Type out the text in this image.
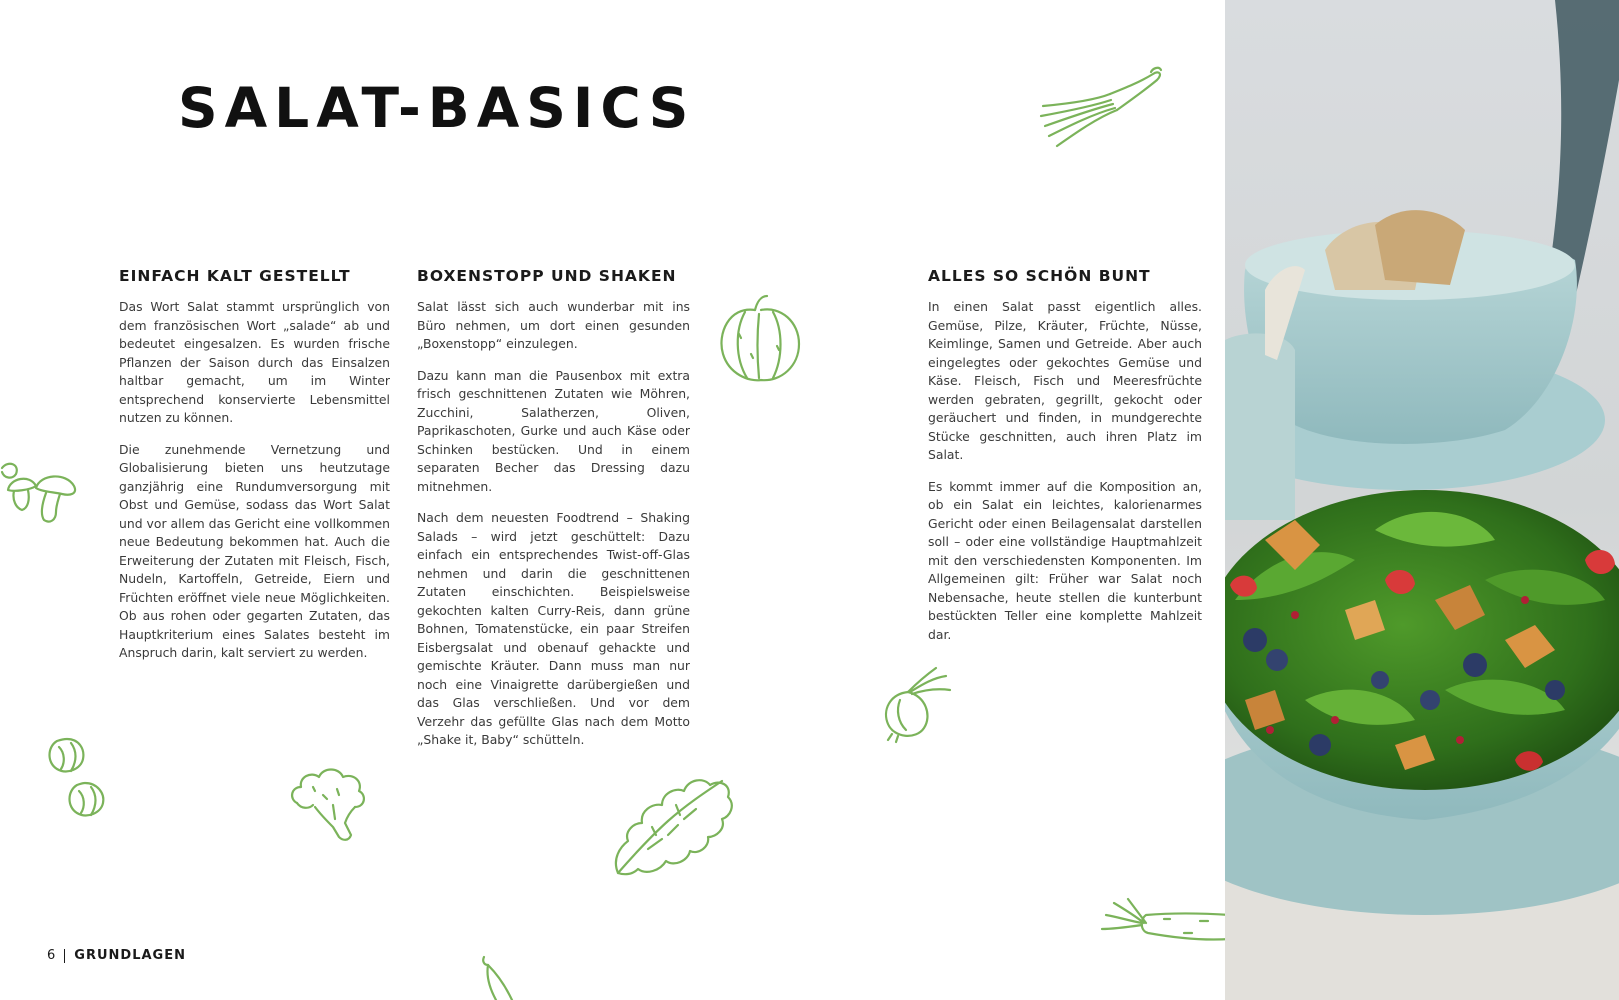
SALAT-BASICS
EINFACH KALT GESTELLT

Das Wort Salat stammt ursprünglich von dem französischen Wort „salade“ ab und bedeutet eingesalzen. Es wurden frische Pflanzen der Saison durch das Einsalzen haltbar gemacht, um im Winter entsprechend konservierte Lebensmittel nutzen zu können.

Die zunehmende Vernetzung und Globalisierung bieten uns heutzutage ganzjährig eine Rundumversorgung mit Obst und Gemüse, sodass das Wort Salat und vor allem das Gericht eine vollkommen neue Bedeutung bekommen hat. Auch die Erweiterung der Zutaten mit Fleisch, Fisch, Nudeln, Kartoffeln, Getreide, Eiern und Früchten eröffnet viele neue Möglichkeiten. Ob aus rohen oder gegarten Zutaten, das Hauptkriterium eines Salates besteht im Anspruch darin, kalt serviert zu werden.

BOXENSTOPP UND SHAKEN

Salat lässt sich auch wunderbar mit ins Büro nehmen, um dort einen gesunden „Boxenstopp“ einzulegen.

Dazu kann man die Pausenbox mit extra frisch geschnittenen Zutaten wie Möhren, Zucchini, Salatherzen, Oliven, Paprikaschoten, Gurke und auch Käse oder Schinken bestücken. Und in einem separaten Becher das Dressing dazu mitnehmen.

Nach dem neuesten Foodtrend – Shaking Salads – wird jetzt geschüttelt: Dazu einfach ein entsprechendes Twist-off-Glas nehmen und darin die geschnittenen Zutaten einschichten. Beispielsweise gekochten kalten Curry-Reis, dann grüne Bohnen, Tomatenstücke, ein paar Streifen Eisbergsalat und obenauf gehackte und gemischte Kräuter. Dann muss man nur noch eine Vinaigrette darübergießen und das Glas verschließen. Und vor dem Verzehr das gefüllte Glas nach dem Motto „Shake it, Baby“ schütteln.

ALLES SO SCHÖN BUNT

In einen Salat passt eigentlich alles. Gemüse, Pilze, Kräuter, Früchte, Nüsse, Keimlinge, Samen und Getreide. Aber auch eingelegtes oder gekochtes Gemüse und Käse. Fleisch, Fisch und Meeresfrüchte werden gebraten, gegrillt, gekocht oder geräuchert und finden, in mundgerechte Stücke geschnitten, auch ihren Platz im Salat.

Es kommt immer auf die Komposition an, ob ein Salat ein leichtes, kalorienarmes Gericht oder einen Beilagensalat darstellen soll – oder eine vollständige Hauptmahlzeit mit den verschiedensten Komponenten. Im Allgemeinen gilt: Früher war Salat noch Nebensache, heute stellen die kunterbunt bestückten Teller eine komplette Mahlzeit dar.

6 GRUNDLAGEN
